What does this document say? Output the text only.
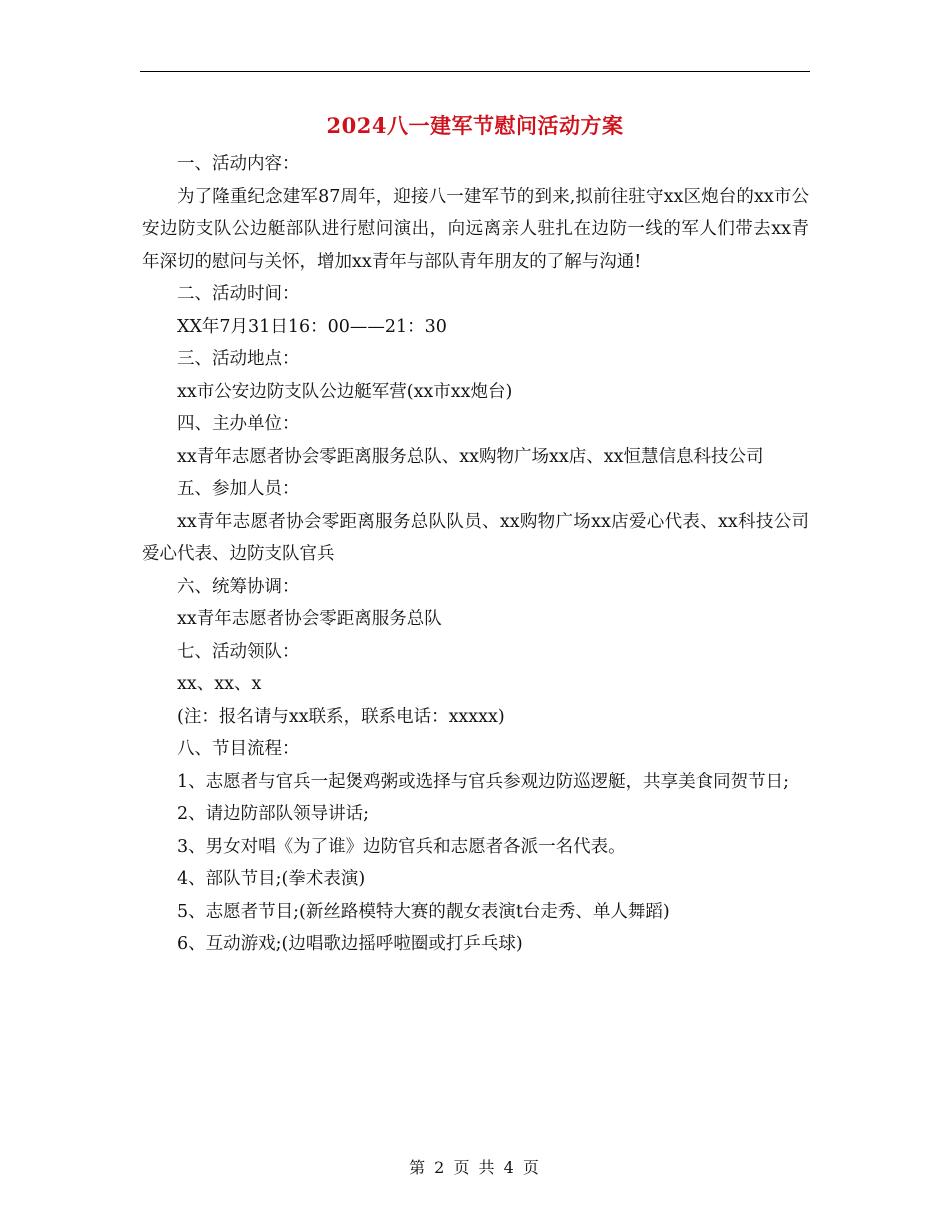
2024八一建军节慰问活动方案

一、活动内容：

为了隆重纪念建军87周年，迎接八一建军节的到来,拟前往驻守xx区炮台的xx市公安边防支队公边艇部队进行慰问演出，向远离亲人驻扎在边防一线的军人们带去xx青年深切的慰问与关怀，增加xx青年与部队青年朋友的了解与沟通!

二、活动时间：

XX年7月31日16：00——21：30

三、活动地点：

xx市公安边防支队公边艇军营(xx市xx炮台)

四、主办单位：

xx青年志愿者协会零距离服务总队、xx购物广场xx店、xx恒慧信息科技公司

五、参加人员：

xx青年志愿者协会零距离服务总队队员、xx购物广场xx店爱心代表、xx科技公司爱心代表、边防支队官兵

六、统筹协调：

xx青年志愿者协会零距离服务总队

七、活动领队：

xx、xx、x

(注：报名请与xx联系，联系电话：xxxxx)

八、节目流程：

1、志愿者与官兵一起煲鸡粥或选择与官兵参观边防巡逻艇，共享美食同贺节日;

2、请边防部队领导讲话;

3、男女对唱《为了谁》边防官兵和志愿者各派一名代表。

4、部队节目;(拳术表演)

5、志愿者节目;(新丝路模特大赛的靓女表演t台走秀、单人舞蹈)

6、互动游戏;(边唱歌边摇呼啦圈或打乒乓球)

第 2 页 共 4 页
